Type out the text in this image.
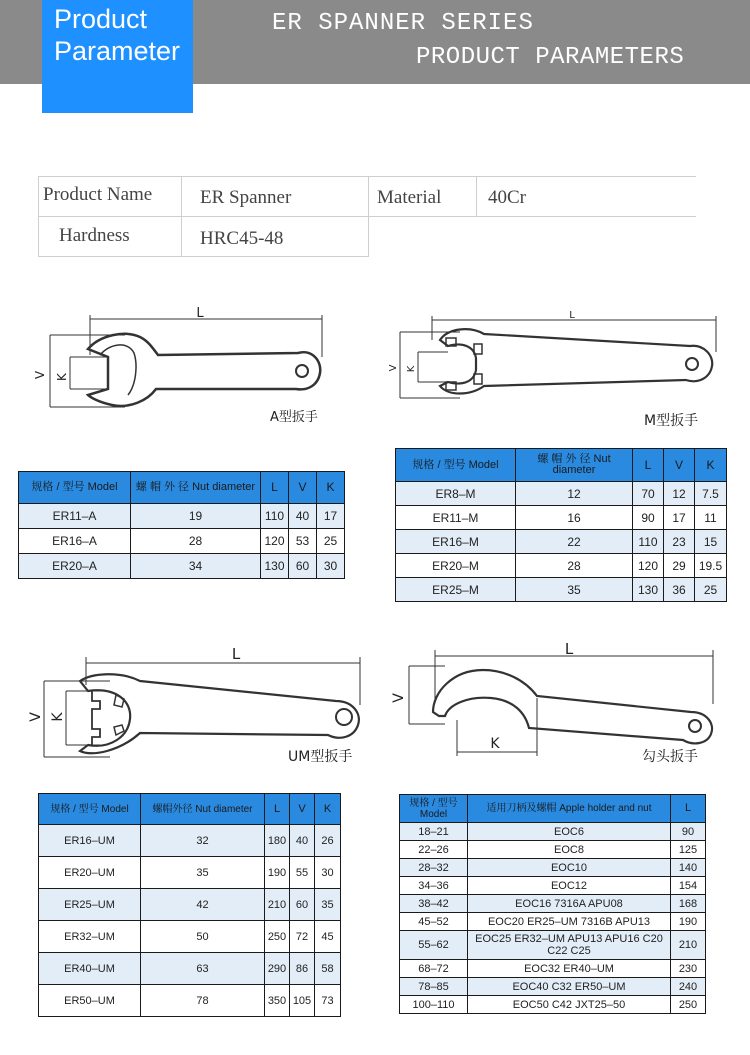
Product
Parameter
ER SPANNER SERIES
PRODUCT PARAMETERS
Product Name	ER Spanner	Material 40Cr
Hardness	HRC45-48
L
V K
A型扳手
L
V K
M型扳手
规格 / 型号 Model	螺 帽 外 径 Nut diameter	L	V	K
ER11–A	19	110	40	17
ER16–A	28	120	53	25
ER20–A	34	130	60	30
规格 / 型号 Model	螺 帽 外 径 Nut diameter	L	V	K
ER8–M	12	70	12	7.5
ER11–M	16	90	17	11
ER16–M	22	110	23	15
ER20–M	28	120	29	19.5
ER25–M	35	130	36	25
L
V K
UM型扳手
L
V
K
勾头扳手
规格 / 型号 Model	螺帽外径 Nut diameter	L	V	K
ER16–UM	32	180	40	26
ER20–UM	35	190	55	30
ER25–UM	42	210	60	35
ER32–UM	50	250	72	45
ER40–UM	63	290	86	58
ER50–UM	78	350	105	73
规格 / 型号 Model	适用刀柄及螺帽 Apple holder and nut	L
18–21	EOC6	90
22–26	EOC8	125
28–32	EOC10	140
34–36	EOC12	154
38–42	EOC16 7316A APU08	168
45–52	EOC20 ER25–UM 7316B APU13	190
55–62	EOC25 ER32–UM APU13 APU16 C20 C22 C25	210
68–72	EOC32 ER40–UM	230
78–85	EOC40 C32 ER50–UM	240
100–110	EOC50 C42 JXT25–50	250
